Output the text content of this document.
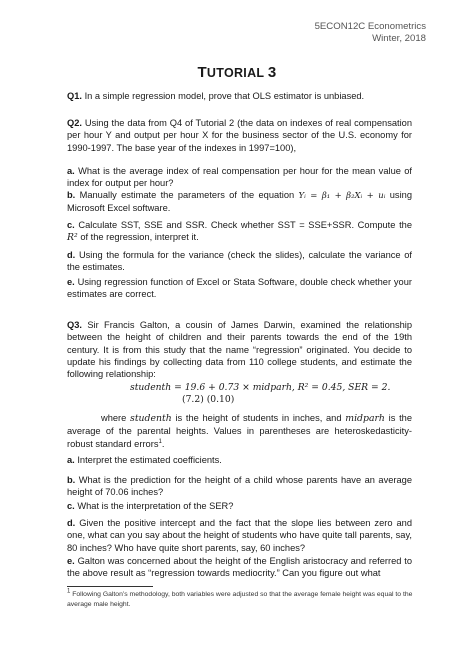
5ECON12C Econometrics
Winter, 2018
TUTORIAL 3
Q1. In a simple regression model, prove that OLS estimator is unbiased.
Q2. Using the data from Q4 of Tutorial 2 (the data on indexes of real compensation per hour Y and output per hour X for the business sector of the U.S. economy for 1990-1997. The base year of the indexes in 1997=100),
a. What is the average index of real compensation per hour for the mean value of index for output per hour?
b. Manually estimate the parameters of the equation Yᵢ = β₁ + β₂Xᵢ + uᵢ using Microsoft Excel software.
c. Calculate SST, SSE and SSR. Check whether SST = SSE+SSR. Compute the R² of the regression, interpret it.
d. Using the formula for the variance (check the slides), calculate the variance of the estimates.
e. Using regression function of Excel or Stata Software, double check whether your estimates are correct.
Q3. Sir Francis Galton, a cousin of James Darwin, examined the relationship between the height of children and their parents towards the end of the 19th century. It is from this study that the name “regression” originated. You decide to update his findings by collecting data from 110 college students, and estimate the following relationship:
studenth = 19.6 + 0.73 × midparh, R² = 0.45, SER = 2.
(7.2) (0.10)
where studenth is the height of students in inches, and midparh is the average of the parental heights. Values in parentheses are heteroskedasticity-robust standard errors$^1$.
a. Interpret the estimated coefficients.
b. What is the prediction for the height of a child whose parents have an average height of 70.06 inches?
c. What is the interpretation of the SER?
d. Given the positive intercept and the fact that the slope lies between zero and one, what can you say about the height of students who have quite tall parents, say, 80 inches? Who have quite short parents, say, 60 inches?
e. Galton was concerned about the height of the English aristocracy and referred to the above result as “regression towards mediocrity.” Can you figure out what
$^1$ Following Galton’s methodology, both variables were adjusted so that the average female height was equal to the average male height.
